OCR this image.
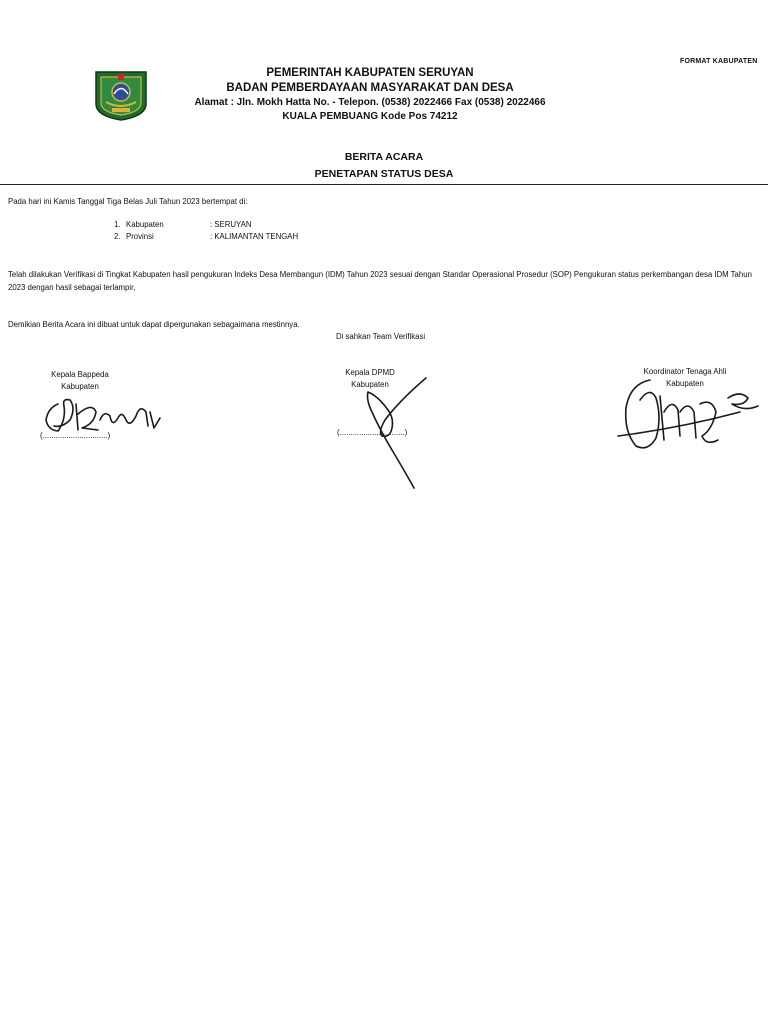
FORMAT KABUPATEN
PEMERINTAH KABUPATEN SERUYAN
BADAN PEMBERDAYAAN MASYARAKAT DAN DESA
Alamat : Jln. Mokh Hatta No. - Telepon. (0538) 2022466 Fax (0538) 2022466
KUALA PEMBUANG Kode Pos 74212
BERITA ACARA
PENETAPAN STATUS DESA
Pada hari ini Kamis Tanggal Tiga Belas Juli Tahun 2023 bertempat di:
1.	Kabupaten	: SERUYAN
2.	Provinsi	: KALIMANTAN TENGAH
Telah dilakukan Verifikasi di Tingkat Kabupaten hasil pengukuran Indeks Desa Membangun (IDM) Tahun 2023 sesuai dengan Standar Operasional Prosedur (SOP) Pengukuran status perkembangan desa IDM Tahun 2023 dengan hasil sebagai terlampir,
Demikian Berita Acara ini dibuat untuk dapat dipergunakan sebagaimana mestinnya.
Di sahkan Team Verifikasi
Kepala Bappeda
Kabupaten
Kepala DPMD
Kabupaten
Koordinator Tenaga Ahli
Kabupaten
(..............................)	(..............................)
